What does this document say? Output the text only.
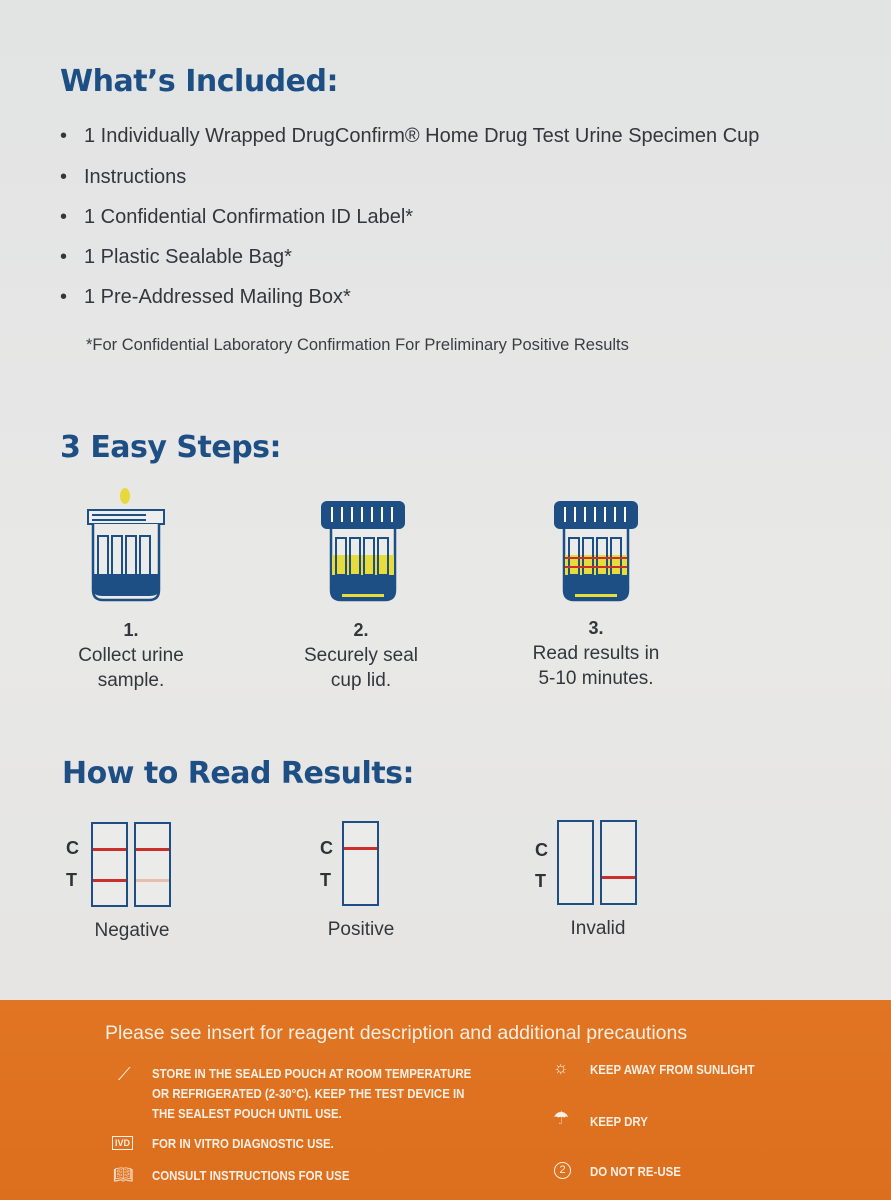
What’s Included:
• 1 Individually Wrapped DrugConfirm® Home Drug Test Urine Specimen Cup
• Instructions
• 1 Confidential Confirmation ID Label*
• 1 Plastic Sealable Bag*
• 1 Pre-Addressed Mailing Box*
*For Confidential Laboratory Confirmation For Preliminary Positive Results
3 Easy Steps:
1.
Collect urine
sample.
2.
Securely seal
cup lid.
3.
Read results in
5-10 minutes.
How to Read Results:
C
T
Negative
C
T
Positive
C
T
Invalid
Please see insert for reagent description and additional precautions
⟋ STORE IN THE SEALED POUCH AT ROOM TEMPERATURE
OR REFRIGERATED (2-30°C). KEEP THE TEST DEVICE IN
THE SEALEST POUCH UNTIL USE.
IVD FOR IN VITRO DIAGNOSTIC USE.
📖︎ CONSULT INSTRUCTIONS FOR USE
☼ KEEP AWAY FROM SUNLIGHT
☂ KEEP DRY
2	DO NOT RE-USE
